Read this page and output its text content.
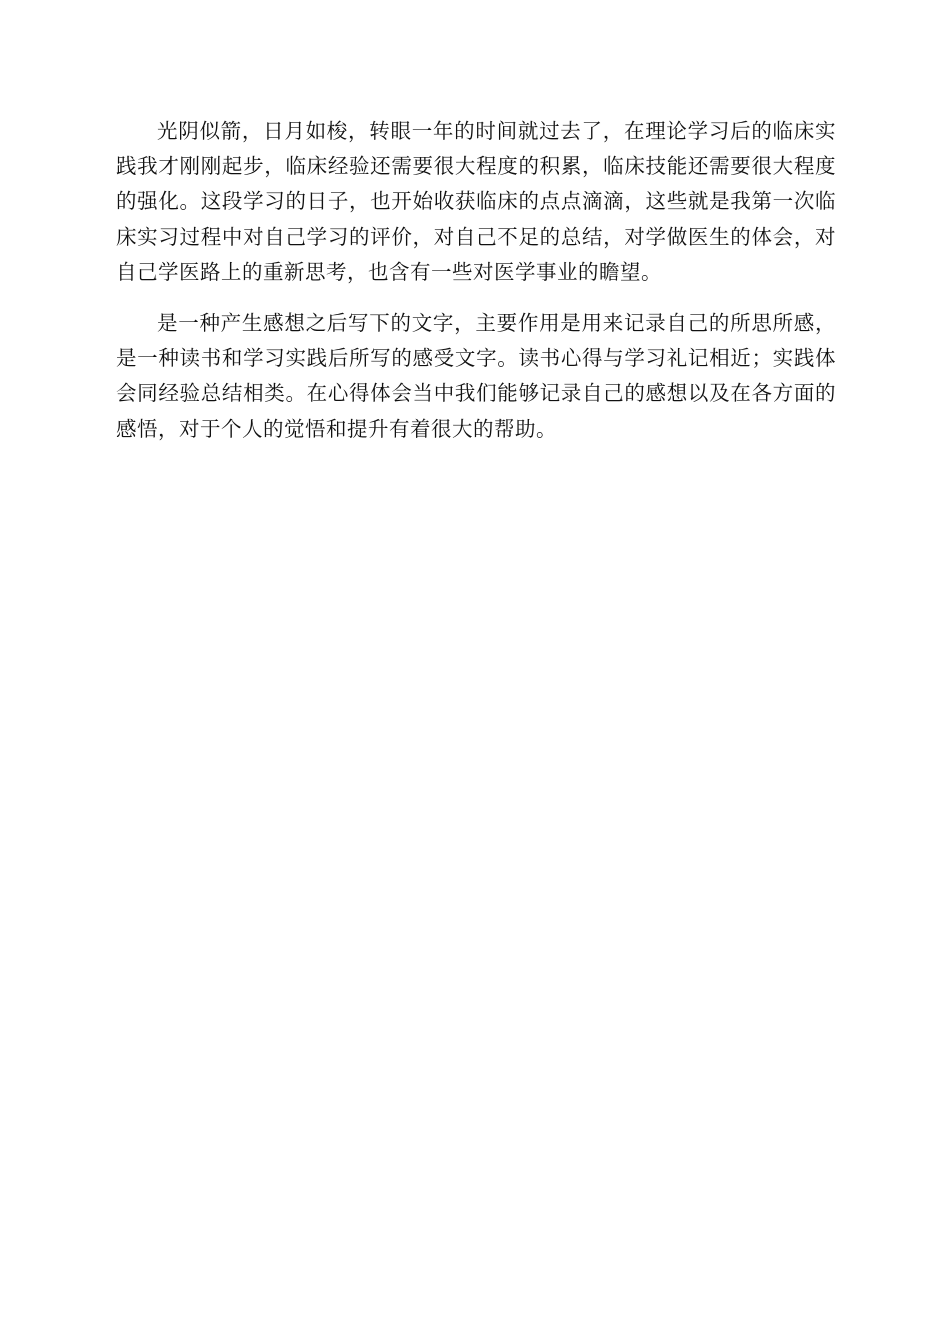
光阴似箭，日月如梭，转眼一年的时间就过去了，在理论学习后的临床实践我才刚刚起步，临床经验还需要很大程度的积累，临床技能还需要很大程度的强化。这段学习的日子，也开始收获临床的点点滴滴，这些就是我第一次临床实习过程中对自己学习的评价，对自己不足的总结，对学做医生的体会，对自己学医路上的重新思考，也含有一些对医学事业的瞻望。

是一种产生感想之后写下的文字，主要作用是用来记录自己的所思所感，是一种读书和学习实践后所写的感受文字。读书心得与学习礼记相近；实践体会同经验总结相类。在心得体会当中我们能够记录自己的感想以及在各方面的感悟，对于个人的觉悟和提升有着很大的帮助。
